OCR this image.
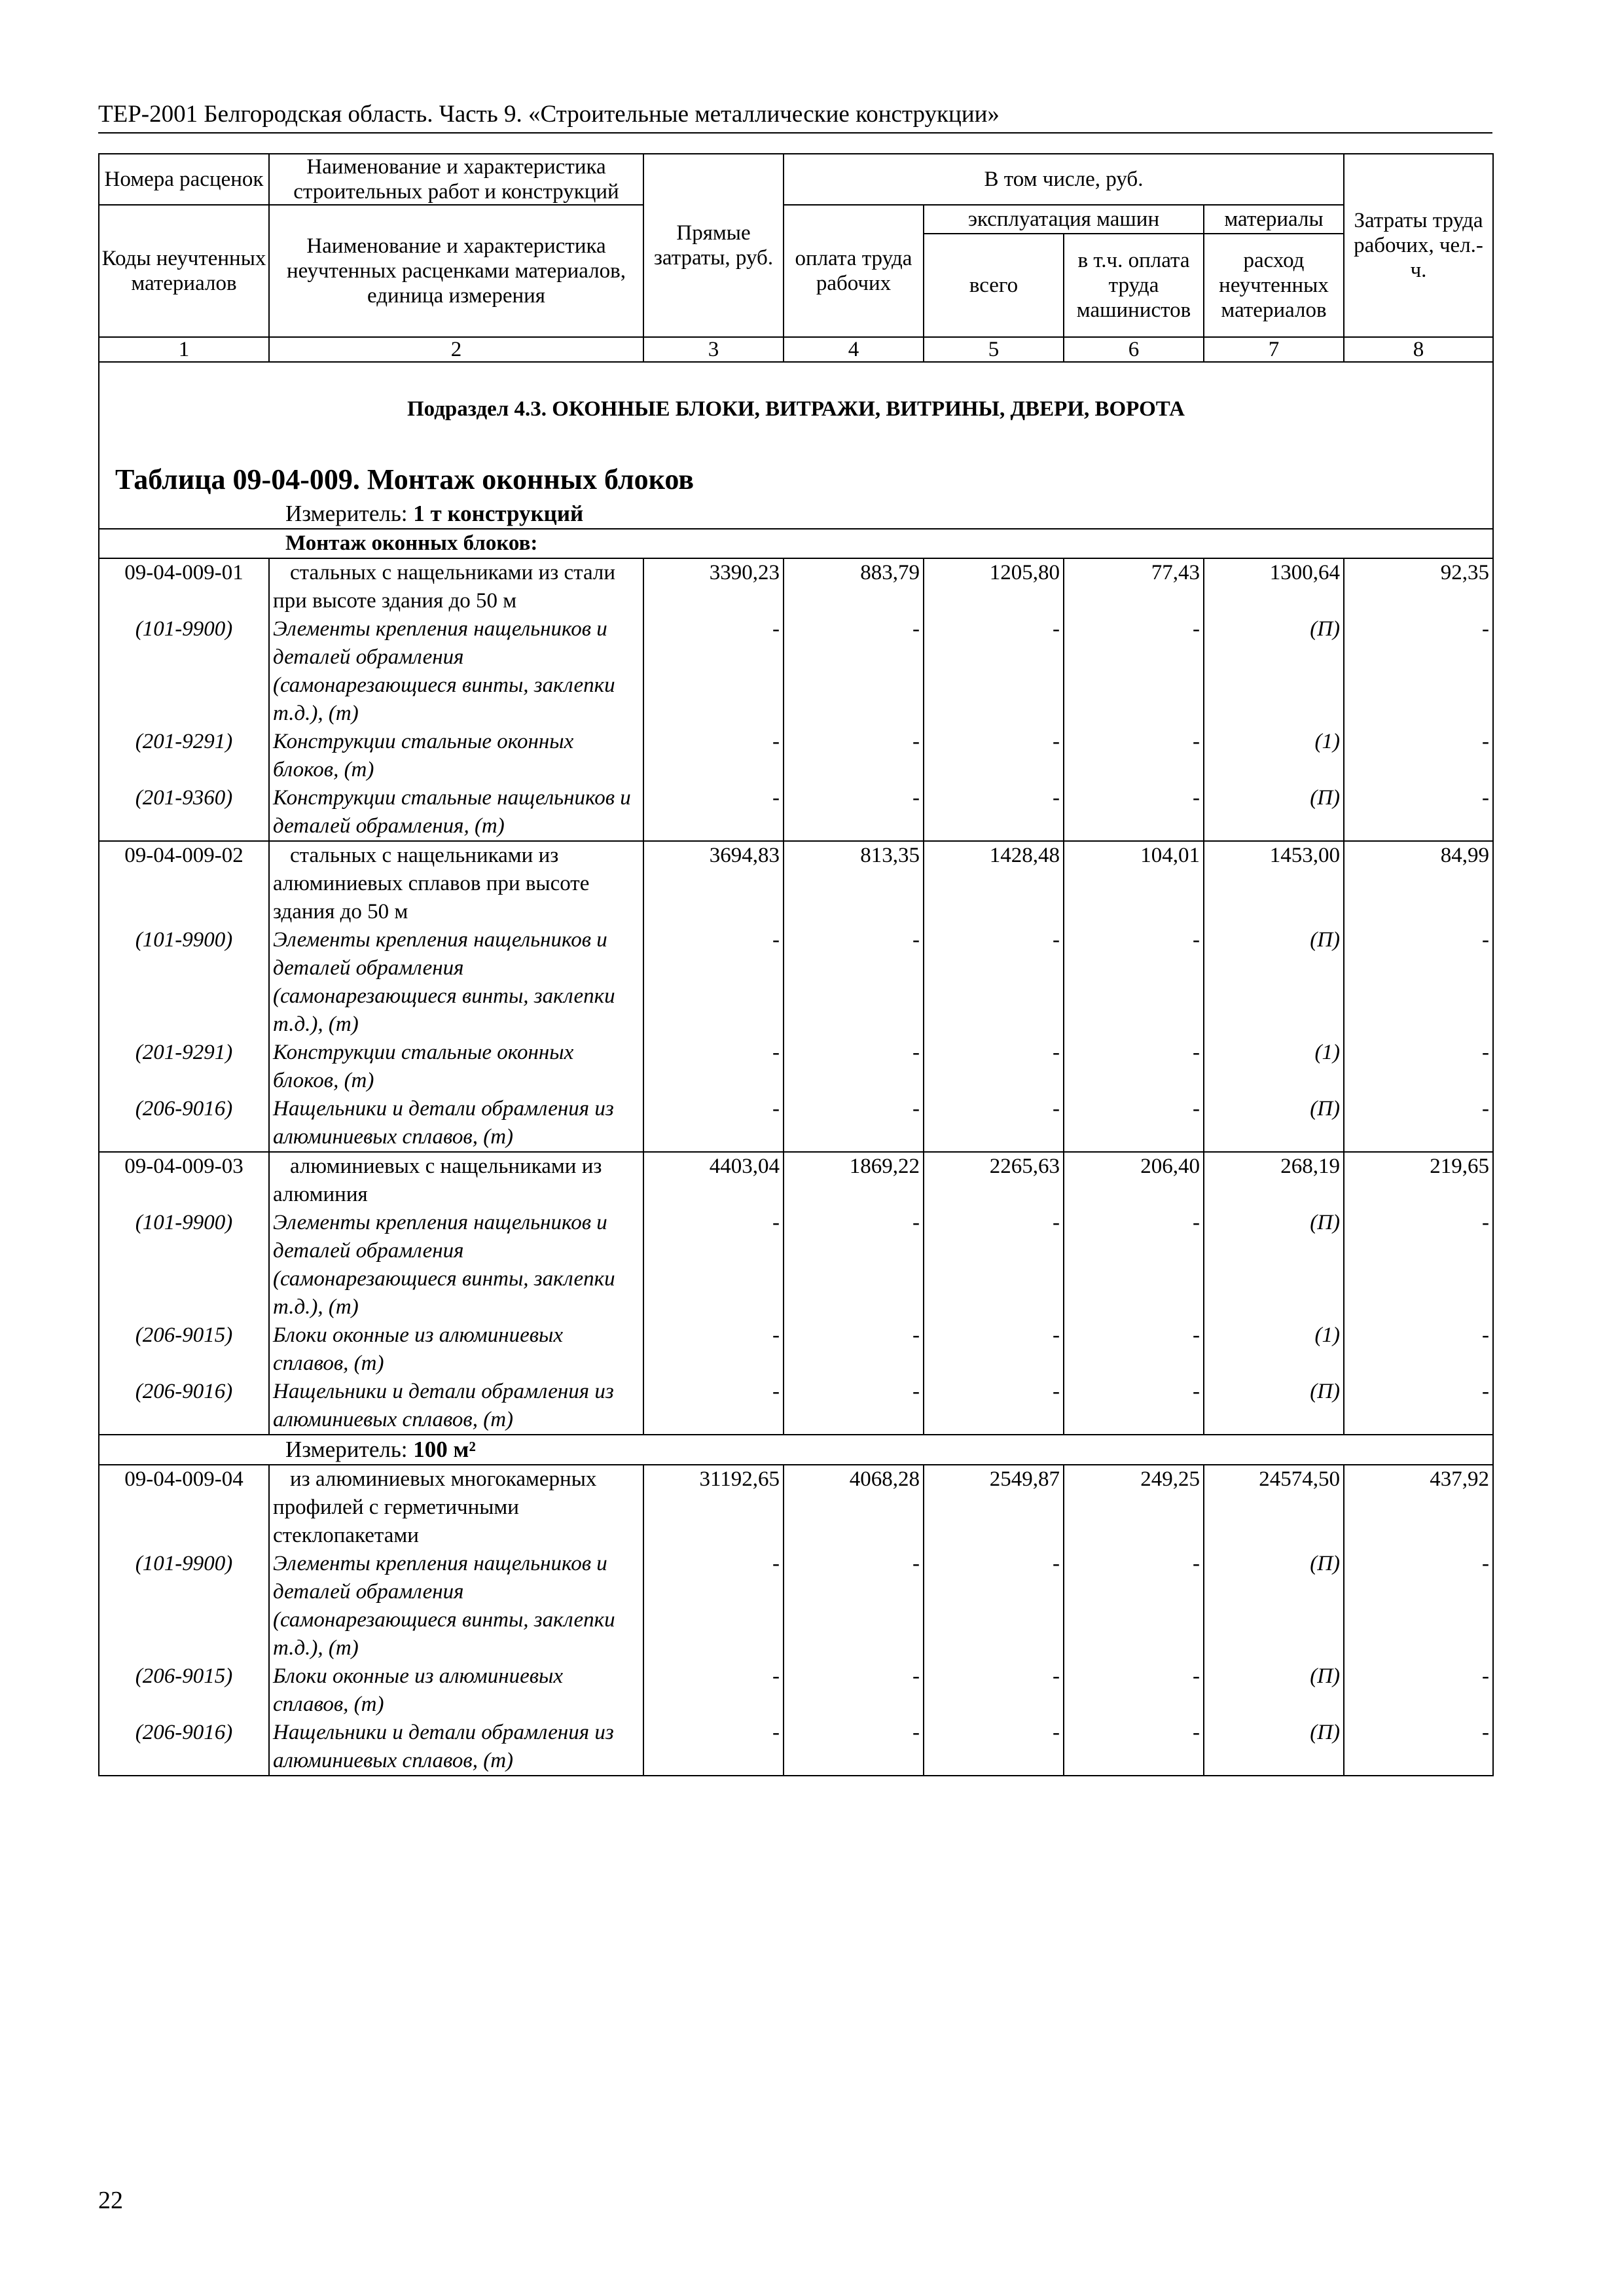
ТЕР-2001 Белгородская область. Часть 9. «Строительные металлические конструкции»
Номера расценок	Наименование и характеристика строительных работ и конструкций	Прямые затраты, руб.	В том числе, руб.				Затраты труда рабочих, чел.-ч.
Коды неучтенных материалов	Наименование и характеристика неучтенных расценками материалов, единица измерения		оплата труда рабочих	эксплуатация машин		материалы	
				всего	в т.ч. оплата труда машинистов	расход неучтенных материалов	
1	2	3	4	5	6	7	8
Подраздел 4.3. ОКОННЫЕ БЛОКИ, ВИТРАЖИ, ВИТРИНЫ, ДВЕРИ, ВОРОТА							
Таблица 09-04-009. Монтаж оконных блоков							
Измеритель: 1 т конструкций							
Монтаж оконных блоков:							
09-04-009-01	стальных с нащельниками из стали при высоте здания до 50 м	3390,23	883,79	1205,80	77,43	1300,64	92,35
(101-9900)	Элементы крепления нащельников и деталей обрамления (самонарезающиеся винты, заклепки т.д.), (т)	-	-	-	-	(П)	-
(201-9291)	Конструкции стальные оконных блоков, (т)	-	-	-	-	(1)	-
(201-9360)	Конструкции стальные нащельников и деталей обрамления, (т)	-	-	-	-	(П)	-
09-04-009-02	стальных с нащельниками из алюминиевых сплавов при высоте здания до 50 м	3694,83	813,35	1428,48	104,01	1453,00	84,99
(101-9900)	Элементы крепления нащельников и деталей обрамления (самонарезающиеся винты, заклепки т.д.), (т)	-	-	-	-	(П)	-
(201-9291)	Конструкции стальные оконных блоков, (т)	-	-	-	-	(1)	-
(206-9016)	Нащельники и детали обрамления из алюминиевых сплавов, (т)	-	-	-	-	(П)	-
09-04-009-03	алюминиевых с нащельниками из алюминия	4403,04	1869,22	2265,63	206,40	268,19	219,65
(101-9900)	Элементы крепления нащельников и деталей обрамления (самонарезающиеся винты, заклепки т.д.), (т)	-	-	-	-	(П)	-
(206-9015)	Блоки оконные из алюминиевых сплавов, (т)	-	-	-	-	(1)	-
(206-9016)	Нащельники и детали обрамления из алюминиевых сплавов, (т)	-	-	-	-	(П)	-
Измеритель: 100 м²							
09-04-009-04	из алюминиевых многокамерных профилей с герметичными стеклопакетами	31192,65	4068,28	2549,87	249,25	24574,50	437,92
(101-9900)	Элементы крепления нащельников и деталей обрамления (самонарезающиеся винты, заклепки т.д.), (т)	-	-	-	-	(П)	-
(206-9015)	Блоки оконные из алюминиевых сплавов, (т)	-	-	-	-	(П)	-
(206-9016)	Нащельники и детали обрамления из алюминиевых сплавов, (т)	-	-	-	-	(П)	-
22
